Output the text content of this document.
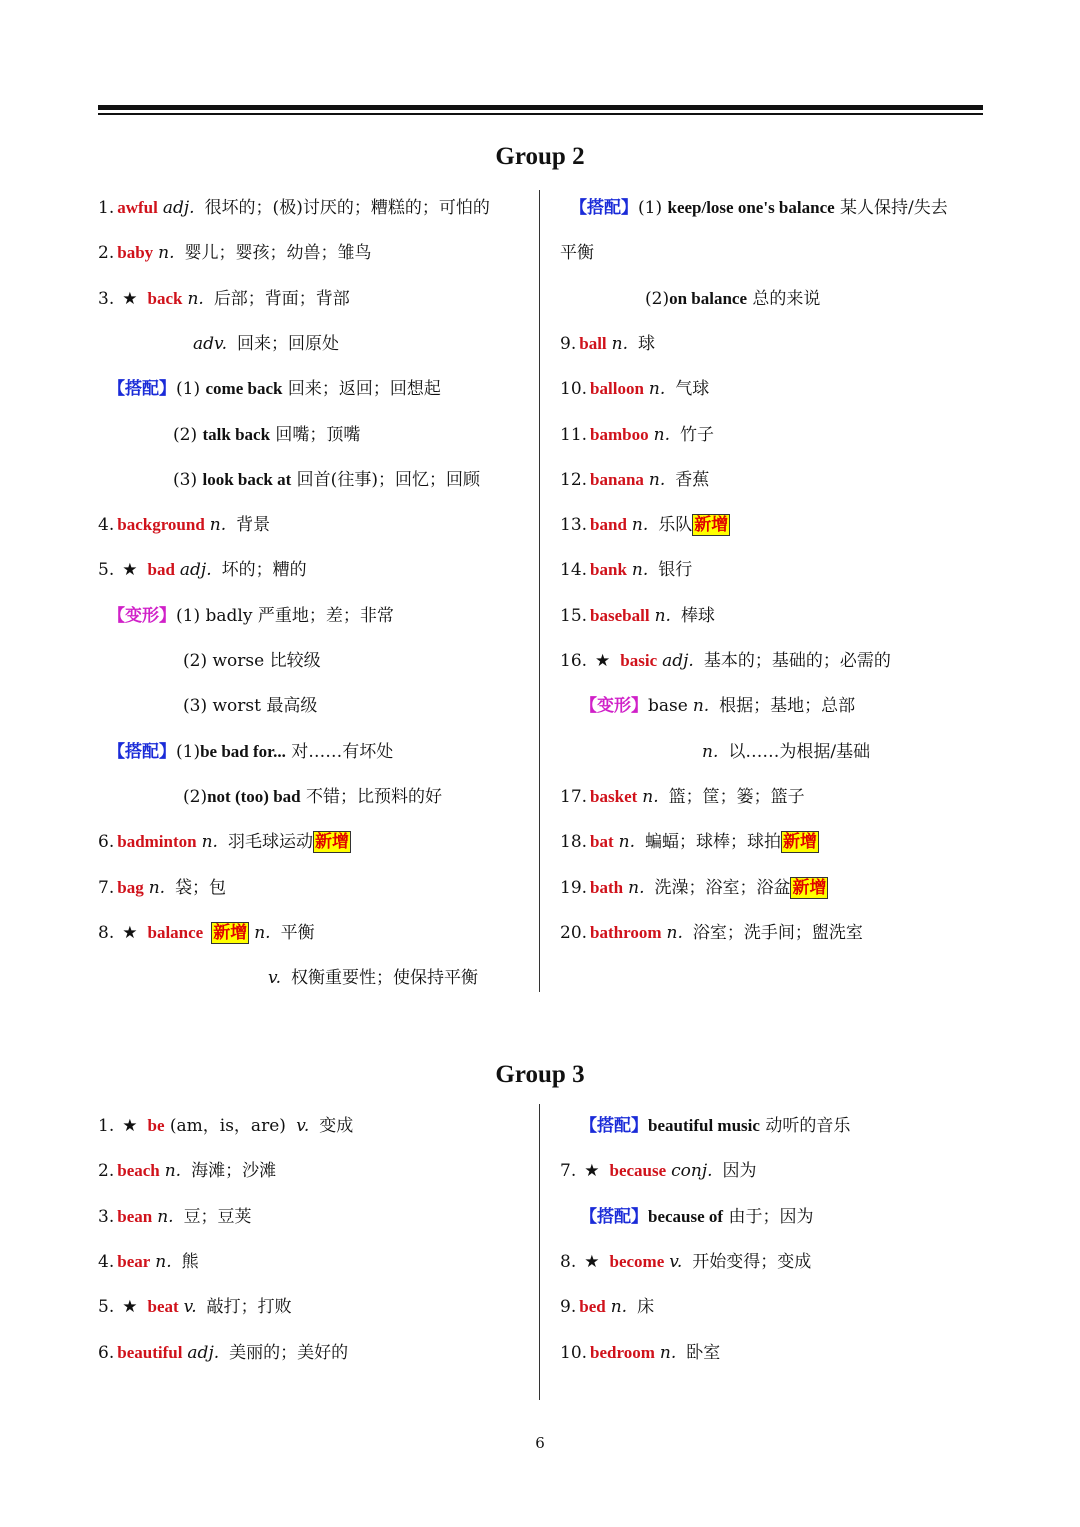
Group 2
1. awful adj. 很坏的；(极)讨厌的；糟糕的；可怕的
2. baby n. 婴儿；婴孩；幼兽；雏鸟
3. ★ back n. 后部；背面；背部
adv. 回来；回原处
【搭配】(1) come back 回来；返回；回想起
(2) talk back 回嘴；顶嘴
(3) look back at 回首(往事)；回忆；回顾
4. background n. 背景
5. ★ bad adj. 坏的；糟的
【变形】(1) badly 严重地；差；非常
(2) worse 比较级
(3) worst 最高级
【搭配】(1)be bad for... 对……有坏处
(2)not (too) bad 不错；比预料的好
6. badminton n. 羽毛球运动 新增
7. bag n. 袋；包
8. ★ balance 新增 n. 平衡
v. 权衡重要性；使保持平衡
【搭配】(1) keep/lose one's balance 某人保持/失去
平衡
(2)on balance 总的来说
9. ball n. 球
10. balloon n. 气球
11. bamboo n. 竹子
12. banana n. 香蕉
13. band n. 乐队 新增
14. bank n. 银行
15. baseball n. 棒球
16. ★ basic adj. 基本的；基础的；必需的
【变形】base n. 根据；基地；总部
n. 以……为根据/基础
17. basket n. 篮；筐；篓；篮子
18. bat n. 蝙蝠；球棒；球拍 新增
19. bath n. 洗澡；浴室；浴盆 新增
20. bathroom n. 浴室；洗手间；盥洗室
Group 3
1. ★ be (am，is，are) v. 变成
2. beach n. 海滩；沙滩
3. bean n. 豆；豆荚
4. bear n. 熊
5. ★ beat v. 敲打；打败
6. beautiful adj. 美丽的；美好的
【搭配】beautiful music 动听的音乐
7. ★ because conj. 因为
【搭配】because of 由于；因为
8. ★ become v. 开始变得；变成
9. bed n. 床
10. bedroom n. 卧室
6
